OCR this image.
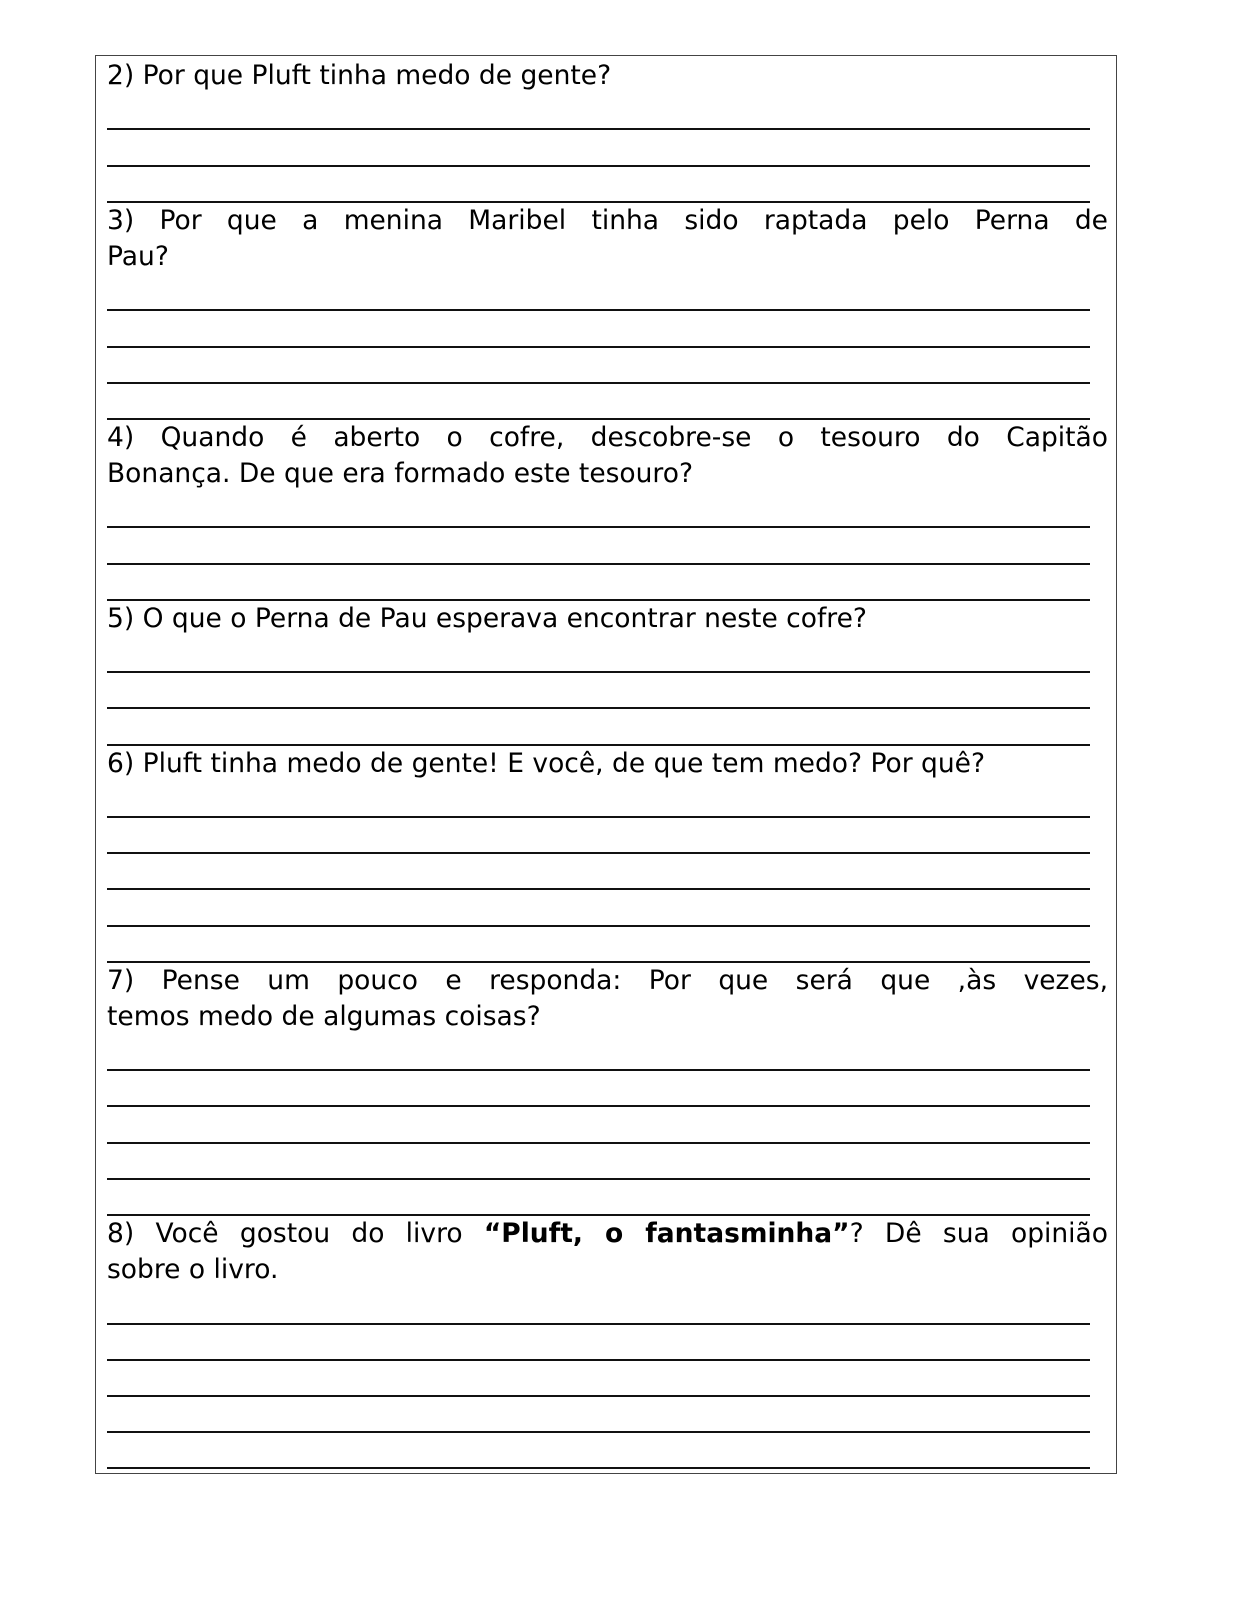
2) Por que Pluft tinha medo de gente?
3) Por que a menina Maribel tinha sido raptada pelo Perna de
Pau?
4) Quando é aberto o cofre, descobre-se o tesouro do Capitão
Bonança. De que era formado este tesouro?
5) O que o Perna de Pau esperava encontrar neste cofre?
6) Pluft tinha medo de gente! E você, de que tem medo? Por quê?
7) Pense um pouco e responda: Por que será que ,às vezes,
temos medo de algumas coisas?
8) Você gostou do livro “Pluft, o fantasminha”? Dê sua opinião
sobre o livro.
